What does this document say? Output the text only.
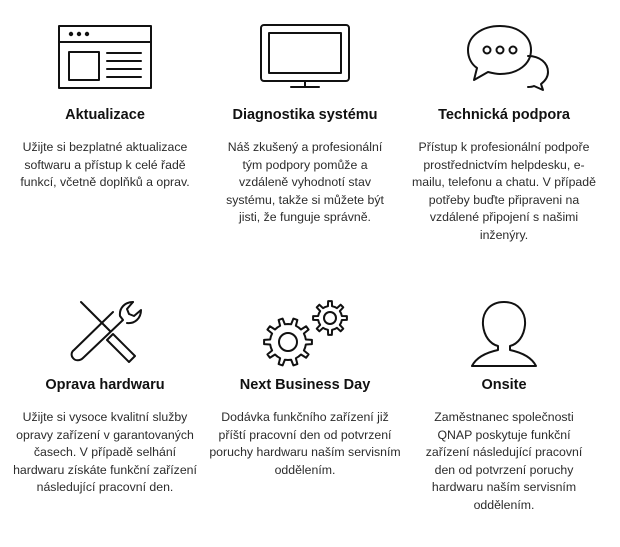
Aktualizace

Užijte si bezplatné aktualizace softwaru a přístup k celé řadě funkcí, včetně doplňků a oprav.

Diagnostika systému

Náš zkušený a profesionální tým podpory pomůže a vzdáleně vyhodnotí stav systému, takže si můžete být jisti, že funguje správně.

Technická podpora

Přístup k profesionální podpoře prostřednictvím helpdesku, e-mailu, telefonu a chatu. V případě potřeby buďte připraveni na vzdálené připojení s našimi inženýry.

Oprava hardwaru

Užijte si vysoce kvalitní služby opravy zařízení v garantovaných časech. V případě selhání hardwaru získáte funkční zařízení následující pracovní den.

Next Business Day

Dodávka funkčního zařízení již příští pracovní den od potvrzení poruchy hardwaru naším servisním oddělením.

Onsite

Zaměstnanec společnosti QNAP poskytuje funkční zařízení následující pracovní den od potvrzení poruchy hardwaru naším servisním oddělením.
